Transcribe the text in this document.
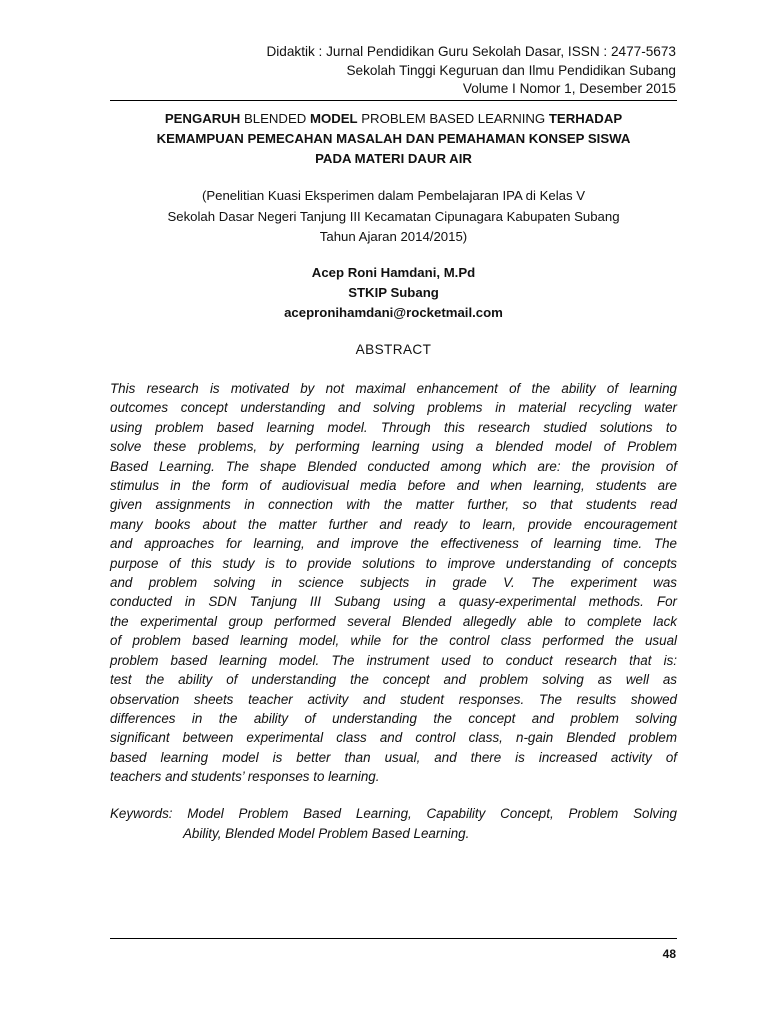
Didaktik : Jurnal Pendidikan Guru Sekolah Dasar, ISSN : 2477-5673
Sekolah Tinggi Keguruan dan Ilmu Pendidikan Subang
Volume I Nomor 1, Desember 2015
PENGARUH BLENDED MODEL PROBLEM BASED LEARNING TERHADAP
KEMAMPUAN PEMECAHAN MASALAH DAN PEMAHAMAN KONSEP SISWA
PADA MATERI DAUR AIR
(Penelitian Kuasi Eksperimen dalam Pembelajaran IPA di Kelas V
Sekolah Dasar Negeri Tanjung III Kecamatan Cipunagara Kabupaten Subang
Tahun Ajaran 2014/2015)
Acep Roni Hamdani, M.Pd
STKIP Subang
acepronihamdani@rocketmail.com
ABSTRACT
This research is motivated by not maximal enhancement of the ability of learning
outcomes concept understanding and solving problems in material recycling water
using problem based learning model. Through this research studied solutions to
solve these problems, by performing learning using a blended model of Problem
Based Learning. The shape Blended conducted among which are: the provision of
stimulus in the form of audiovisual media before and when learning, students are
given assignments in connection with the matter further, so that students read
many books about the matter further and ready to learn, provide encouragement
and approaches for learning, and improve the effectiveness of learning time. The
purpose of this study is to provide solutions to improve understanding of concepts
and problem solving in science subjects in grade V. The experiment was
conducted in SDN Tanjung III Subang using a quasy-experimental methods. For
the experimental group performed several Blended allegedly able to complete lack
of problem based learning model, while for the control class performed the usual
problem based learning model. The instrument used to conduct research that is:
test the ability of understanding the concept and problem solving as well as
observation sheets teacher activity and student responses. The results showed
differences in the ability of understanding the concept and problem solving
significant between experimental class and control class, n-gain Blended problem
based learning model is better than usual, and there is increased activity of
teachers and students’ responses to learning.
Keywords: Model Problem Based Learning, Capability Concept, Problem Solving
Ability, Blended Model Problem Based Learning.
48
